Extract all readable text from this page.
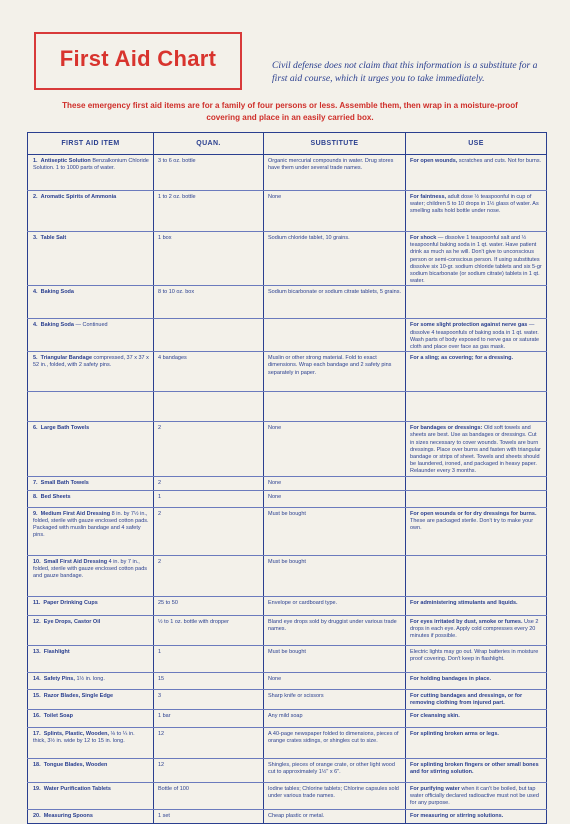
First Aid Chart	Civil defense does not claim that this information is a substitute for a first aid course, which it urges you to take immediately.
These emergency first aid items are for a family of four persons or less. Assemble them, then wrap in a moisture-proof covering and place in an easily carried box.
FIRST AID ITEM	QUAN.	SUBSTITUTE	USE
1. Antiseptic Solution Benzalkonium Chloride Solution. 1 to 1000 parts of water.	3 to 6 oz. bottle	Organic mercurial compounds in water. Drug stores have them under several trade names.	For open wounds, scratches and cuts. Not for burns.
2. Aromatic Spirits of Ammonia	1 to 2 oz. bottle	None	For faintness, adult dose ½ teaspoonful in cup of water; children 5 to 10 drops in 1½ glass of water. As smelling salts hold bottle under nose.
3. Table Salt	1 box	Sodium chloride tablet, 10 grains.	For shock — dissolve 1 teaspoonful salt and ½ teaspoonful baking soda in 1 qt. water. Have patient drink as much as he will. Don't give to unconscious person or semi-conscious person. If using substitutes dissolve six 10-gr. sodium chloride tablets and six 5-gr sodium bicarbonate (or sodium citrate) tablets in 1 qt. water.
4. Baking Soda	8 to 10 oz. box	Sodium bicarbonate or sodium citrate tablets, 5 grains.	
4. Baking Soda — Continued			For some slight protection against nerve gas — dissolve 4 teaspoonfuls of baking soda in 1 qt. water. Wash parts of body exposed to nerve gas or saturate cloth and place over face as gas mask.
5. Triangular Bandage compressed, 37 x 37 x 52 in., folded, with 2 safety pins.	4 bandages	Muslin or other strong material. Fold to exact dimensions. Wrap each bandage and 2 safety pins separately in paper.	For a sling; as covering; for a dressing.

6. Large Bath Towels	2	None	For bandages or dressings: Old soft towels and sheets are best. Use as bandages or dressings. Cut in sizes necessary to cover wounds. Towels are burn dressings. Place over burns and fasten with triangular bandage or strips of sheet. Towels and sheets should be laundered, ironed, and packaged in heavy paper. Relaunder every 3 months.
7. Small Bath Towels	2	None	
8. Bed Sheets	1	None	
9. Medium First Aid Dressing 8 in. by 7½ in., folded, sterile with gauze enclosed cotton pads. Packaged with muslin bandage and 4 safety pins.	2	Must be bought	For open wounds or for dry dressings for burns. These are packaged sterile. Don't try to make your own.
10. Small First Aid Dressing 4 in. by 7 in., folded, sterile with gauze enclosed cotton pads and gauze bandage.	2	Must be bought	
11. Paper Drinking Cups	25 to 50	Envelope or cardboard type.	For administering stimulants and liquids.
12. Eye Drops, Castor Oil	½ to 1 oz. bottle with dropper	Bland eye drops sold by druggist under various trade names.	For eyes irritated by dust, smoke or fumes. Use 2 drops in each eye. Apply cold compresses every 20 minutes if possible.
13. Flashlight	1	Must be bought	Electric lights may go out. Wrap batteries in moisture proof covering. Don't keep in flashlight.
14. Safety Pins, 1½ in. long.	15	None	For holding bandages in place.
15. Razor Blades, Single Edge	3	Sharp knife or scissors	For cutting bandages and dressings, or for removing clothing from injured part.
16. Toilet Soap	1 bar	Any mild soap	For cleansing skin.
17. Splints, Plastic, Wooden, ⅛ to ¼ in. thick, 3½ in. wide by 12 to 15 in. long.	12	A 40-page newspaper folded to dimensions, pieces of orange crates sidings, or shingles cut to size.	For splinting broken arms or legs.
18. Tongue Blades, Wooden	12	Shingles, pieces of orange crate, or other light wood cut to approximately 1½" x 6".	For splinting broken fingers or other small bones and for stirring solution.
19. Water Purification Tablets	Bottle of 100	Iodine tables; Chlorine tablets; Chlorine capsules sold under various trade names.	For purifying water when it can't be boiled, but tap water officially declared radioactive must not be used for any purpose.
20. Measuring Spoons	1 set	Cheap plastic or metal.	For measuring or stirring solutions.
